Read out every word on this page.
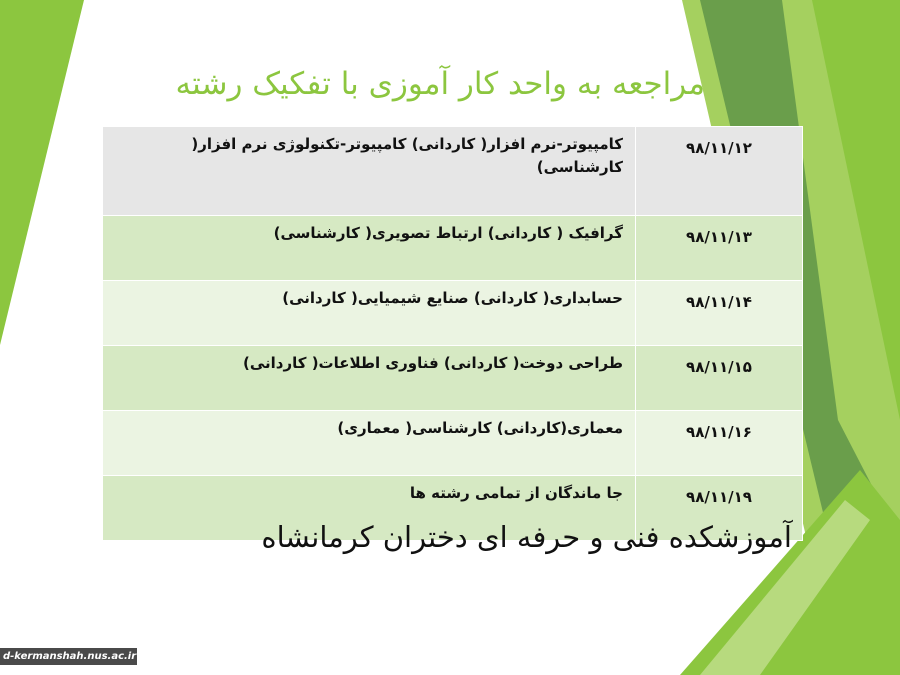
مراجعه به واحد کار آموزی با تفکیک رشته
۹۸/۱۱/۱۲	کامپیوتر-نرم افزار( کاردانی) کامپیوتر-تکنولوژی نرم افزار(
کارشناسی)

۹۸/۱۱/۱۳	گرافیک ( کاردانی) ارتباط تصویری( کارشناسی)
۹۸/۱۱/۱۴	حسابداری( کاردانی) صنایع شیمیایی( کاردانی)
۹۸/۱۱/۱۵	طراحی دوخت( کاردانی) فناوری اطلاعات( کاردانی)
۹۸/۱۱/۱۶	معماری(کاردانی) کارشناسی( معماری)
۹۸/۱۱/۱۹	جا ماندگان از تمامی رشته ها
آموزشکده فنی و حرفه ای دختران کرمانشاه
d-kermanshah.nus.ac.ir
